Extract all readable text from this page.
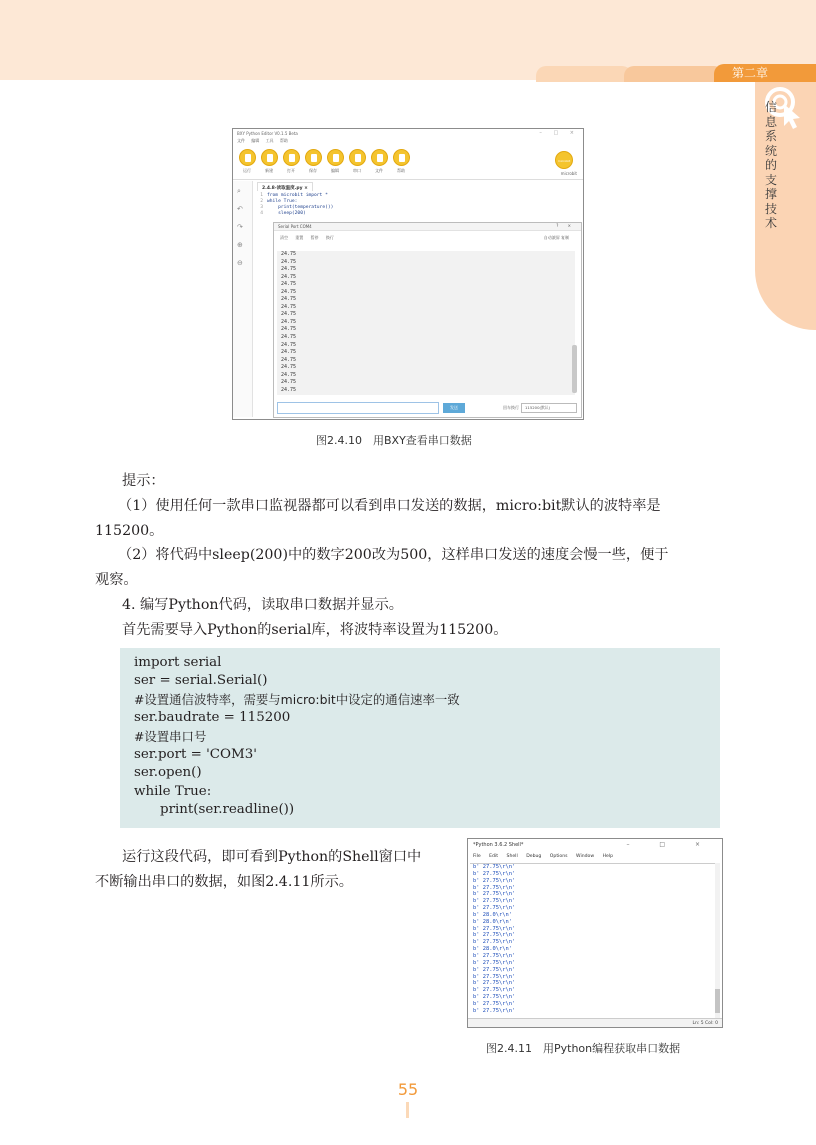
第二章
信
息
系
统
的
支
撑
技
术
BXY Python Editor V0.1.5 Beta	– □ ×
文件 编辑 工具 帮助
运行	新建	打开	保存	编辑	串口	文件	帮助
microbit
microbit
⌕
↶
↷
⊕
⊖
2.4.8-读取温度.py ×
1 from microbit import *
2 while True:
3 print(temperature())
4 sleep(200)
Serial Port COM4	? ×
清空 重置 暂停 换行	自动滚屏 复制
24.75
24.75
24.75
24.75
24.75
24.75
24.75
24.75
24.75
24.75
24.75
24.75
24.75
24.75
24.75
24.75
24.75
24.75
24.75
发送	回车换行	115200(默认)
图2.4.10　用BXY查看串口数据
提示：
（1）使用任何一款串口监视器都可以看到串口发送的数据，micro:bit默认的波特率是
115200。
（2）将代码中sleep(200)中的数字200改为500，这样串口发送的速度会慢一些，便于
观察。
4. 编写Python代码，读取串口数据并显示。
首先需要导入Python的serial库，将波特率设置为115200。
import serial
ser = serial.Serial()
#设置通信波特率，需要与micro:bit中设定的通信速率一致
ser.baudrate = 115200
#设置串口号
ser.port = 'COM3'
ser.open()
while True:
print(ser.readline())
运行这段代码，即可看到Python的Shell窗口中
不断输出串口的数据，如图2.4.11所示。
*Python 3.6.2 Shell*	– □ ×
File Edit Shell Debug Options Window Help
b' 27.75\r\n'
b' 27.75\r\n'
b' 27.75\r\n'
b' 27.75\r\n'
b' 27.75\r\n'
b' 27.75\r\n'
b' 27.75\r\n'
b' 28.0\r\n'
b' 28.0\r\n'
b' 27.75\r\n'
b' 27.75\r\n'
b' 27.75\r\n'
b' 28.0\r\n'
b' 27.75\r\n'
b' 27.75\r\n'
b' 27.75\r\n'
b' 27.75\r\n'
b' 27.75\r\n'
b' 27.75\r\n'
b' 27.75\r\n'
b' 27.75\r\n'
b' 27.75\r\n'
Ln: 5 Col: 0
图2.4.11　用Python编程获取串口数据
55
